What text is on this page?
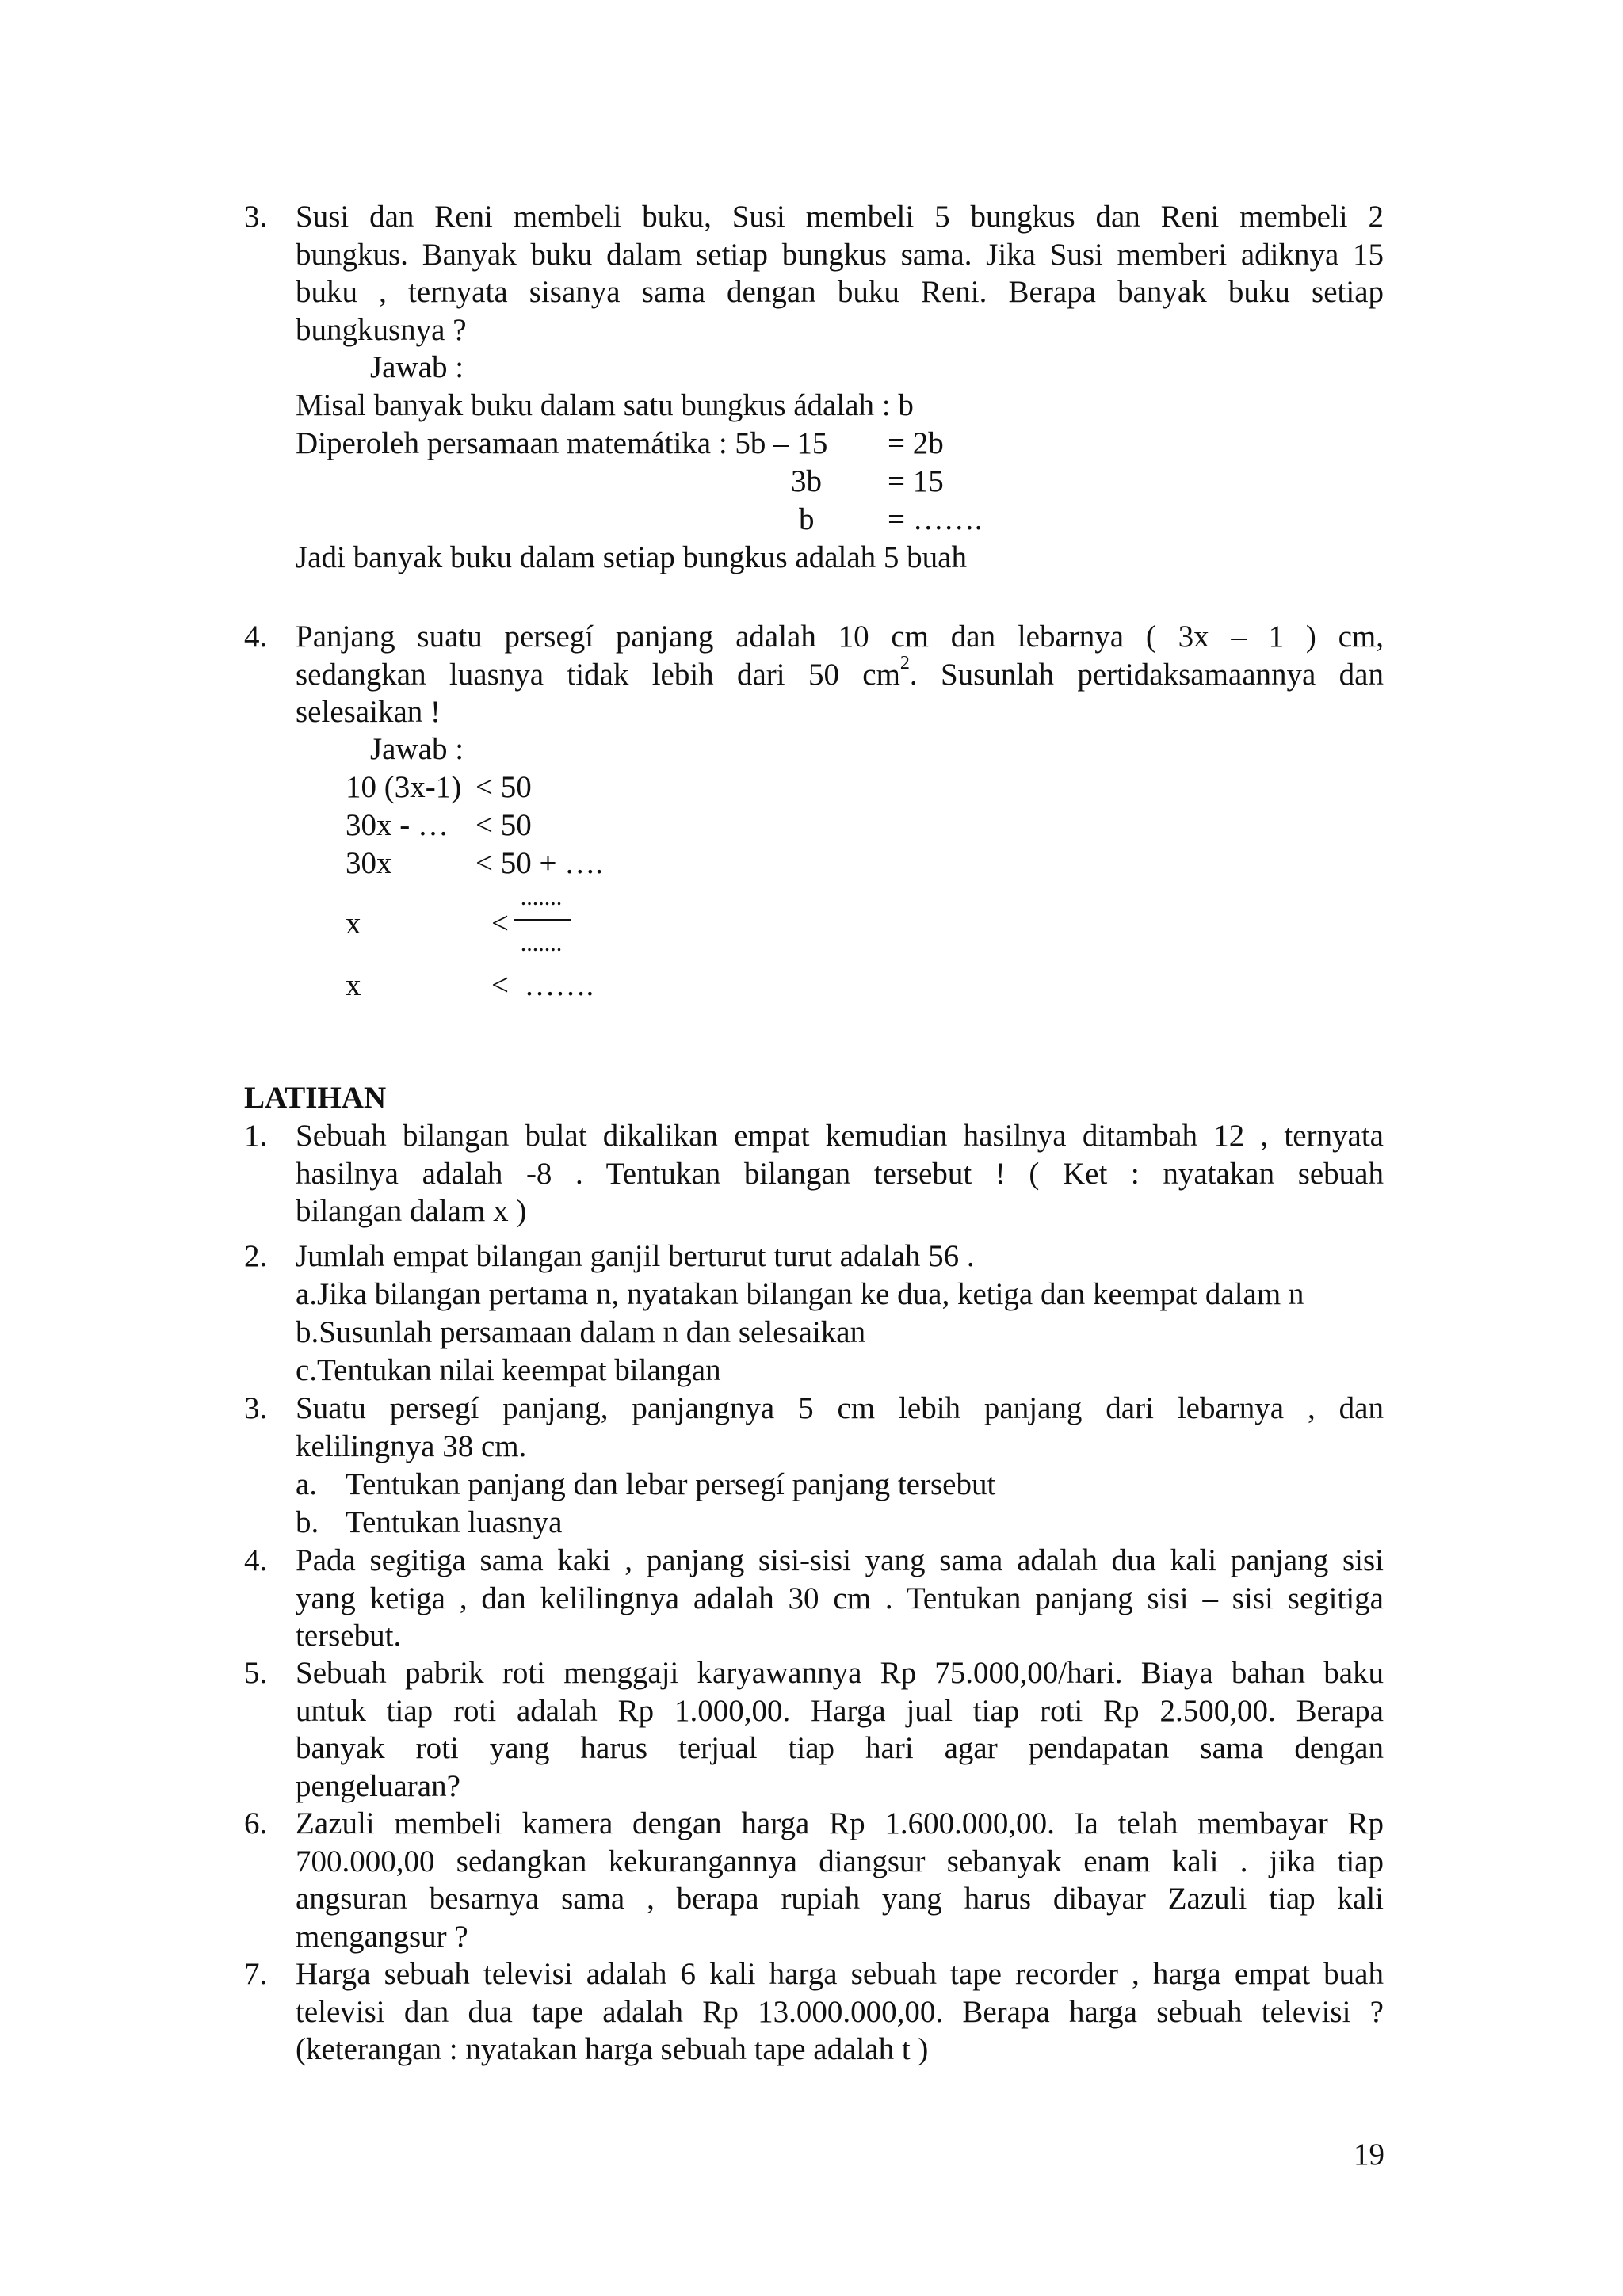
3. Susi dan Reni membeli buku, Susi membeli 5 bungkus dan Reni membeli 2
bungkus. Banyak buku dalam setiap bungkus sama. Jika Susi memberi adiknya 15
buku , ternyata sisanya sama dengan buku Reni. Berapa banyak buku setiap
bungkusnya ?
Jawab :
Misal banyak buku dalam satu bungkus ádalah : b
Diperoleh persamaan matemátika : 5b – 15 = 2b
3b = 15
b = …….
Jadi banyak buku dalam setiap bungkus adalah 5 buah
4. Panjang suatu persegí panjang adalah 10 cm dan lebarnya ( 3x – 1 ) cm,
sedangkan luasnya tidak lebih dari 50 $cm^2$. Susunlah pertidaksamaannya dan
selesaikan !
Jawab :
10 (3x-1) < 50
30x - … < 50
30x	< 50 + ….
x	<
.......
.......
x	<  …….
LATIHAN
1. Sebuah bilangan bulat dikalikan empat kemudian hasilnya ditambah 12 , ternyata
hasilnya adalah -8 . Tentukan bilangan tersebut ! ( Ket : nyatakan sebuah
bilangan dalam x )
2. Jumlah empat bilangan ganjil berturut turut adalah 56 .
a.Jika bilangan pertama n, nyatakan bilangan ke dua, ketiga dan keempat dalam n
b.Susunlah persamaan dalam n dan selesaikan
c.Tentukan nilai keempat bilangan
3. Suatu persegí panjang, panjangnya 5 cm lebih panjang dari lebarnya , dan
kelilingnya 38 cm.
a. Tentukan panjang dan lebar persegí panjang tersebut
b. Tentukan luasnya
4. Pada segitiga sama kaki , panjang sisi-sisi yang sama adalah dua kali panjang sisi
yang ketiga , dan kelilingnya adalah 30 cm . Tentukan panjang sisi – sisi segitiga
tersebut.
5. Sebuah pabrik roti menggaji karyawannya Rp 75.000,00/hari. Biaya bahan baku
untuk tiap roti adalah Rp 1.000,00. Harga jual tiap roti Rp 2.500,00. Berapa
banyak roti yang harus terjual tiap hari agar pendapatan sama dengan
pengeluaran?
6. Zazuli membeli kamera dengan harga Rp 1.600.000,00. Ia telah membayar Rp
700.000,00 sedangkan kekurangannya diangsur sebanyak enam kali . jika tiap
angsuran besarnya sama , berapa rupiah yang harus dibayar Zazuli tiap kali
mengangsur ?
7. Harga sebuah televisi adalah 6 kali harga sebuah tape recorder , harga empat buah
televisi dan dua tape adalah Rp 13.000.000,00. Berapa harga sebuah televisi ?
(keterangan : nyatakan harga sebuah tape adalah t )
19
